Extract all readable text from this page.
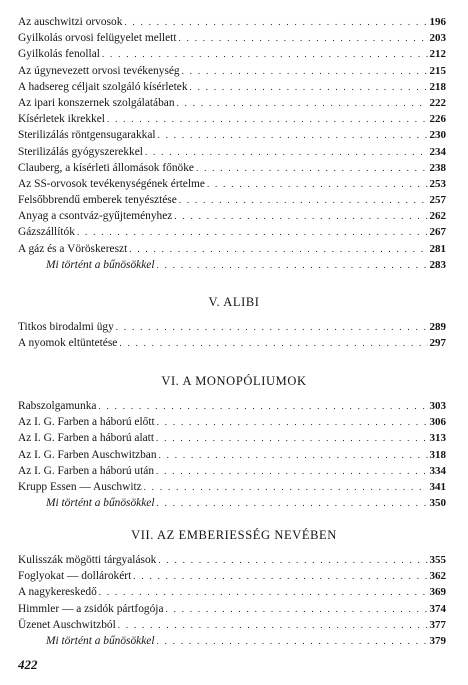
Az auschwitzi orvosok . . .	196
Gyilkolás orvosi felügyelet mellett . . .	203
Gyilkolás fenollal . . .	212
Az úgynevezett orvosi tevékenység . . .	215
A hadsereg céljait szolgáló kísérletek . . .	218
Az ipari konszernek szolgálatában . . .	222
Kísérletek ikrekkel . . .	226
Sterilizálás röntgensugarakkal . . .	230
Sterilizálás gyógyszerekkel . . .	234
Clauberg, a kísérleti állomások főnöke . . .	238
Az SS-orvosok tevékenységének értelme . . .	253
Felsőbbrendű emberek tenyésztése . . .	257
Anyag a csontváz-gyűjteményhez . . .	262
Gázszállítók . . .	267
A gáz és a Vöröskereszt . . .	281
Mi történt a bűnösökkel . . .	283
V. ALIBI
Titkos birodalmi ügy . . .	289
A nyomok eltüntetése . . .	297
VI. A MONOPÓLIUMOK
Rabszolgamunka . . .	303
Az I. G. Farben a háború előtt . . .	306
Az I. G. Farben a háború alatt . . .	313
Az I. G. Farben Auschwitzban . . .	318
Az I. G. Farben a háború után . . .	334
Krupp Essen — Auschwitz . . .	341
Mi történt a bűnösökkel . . .	350
VII. AZ EMBERIESSÉG NEVÉBEN
Kulisszák mögötti tárgyalások . . .	355
Foglyokat — dollárokért . . .	362
A nagykereskedő . . .	369
Himmler — a zsidók pártfogója . . .	374
Üzenet Auschwitzból . . .	377
Mi történt a bűnösökkel . . .	379
422
